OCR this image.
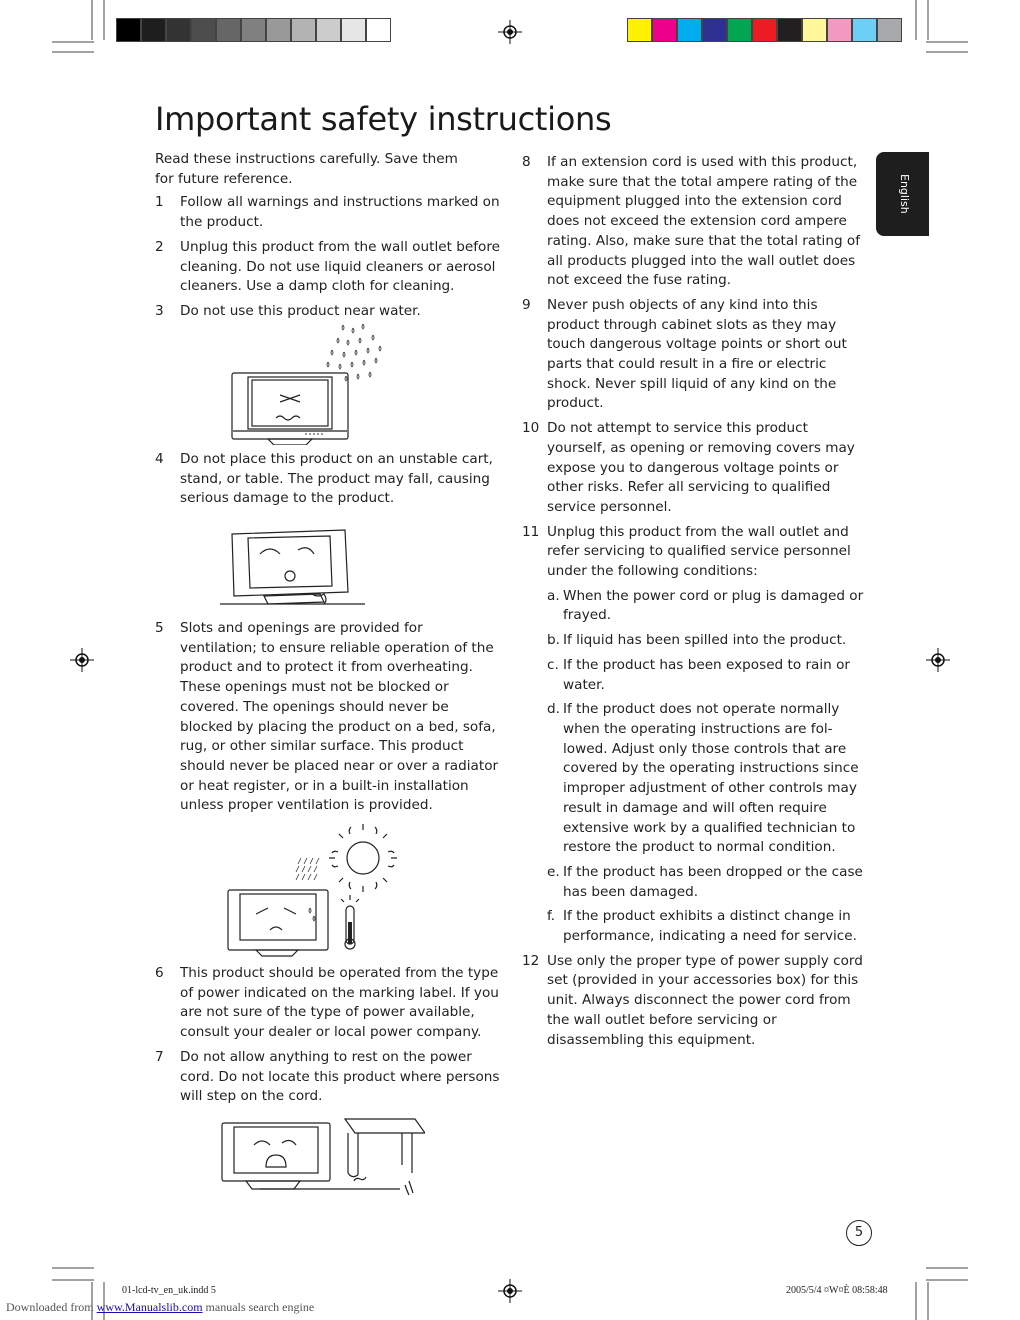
Important safety instructions
English

Read these instructions carefully. Save them for future reference.

1 Follow all warnings and instructions marked on the product.
2 Unplug this product from the wall outlet before cleaning. Do not use liquid cleaners or aerosol cleaners. Use a damp cloth for cleaning.
3 Do not use this product near water.
4 Do not place this product on an unstable cart, stand, or table. The product may fall, causing serious damage to the product.
5 Slots and openings are provided for ventilation; to ensure reliable operation of the product and to protect it from overheating. These openings must not be blocked or covered. The openings should never be blocked by placing the product on a bed, sofa, rug, or other similar surface. This product should never be placed near or over a radiator or heat register, or in a built-in installation unless proper ventilation is provided.
6 This product should be operated from the type of power indicated on the marking label. If you are not sure of the type of power available, consult your dealer or local power company.
7 Do not allow anything to rest on the power cord. Do not locate this product where persons will step on the cord.
8 If an extension cord is used with this product, make sure that the total ampere rating of the equipment plugged into the extension cord does not exceed the extension cord ampere rating. Also, make sure that the total rating of all products plugged into the wall outlet does not exceed the fuse rating.
9 Never push objects of any kind into this product through cabinet slots as they may touch dangerous voltage points or short out parts that could result in a fire or electric shock. Never spill liquid of any kind on the product.
10 Do not attempt to service this product yourself, as opening or removing covers may expose you to dangerous voltage points or other risks. Refer all servicing to qualified service personnel.
11 Unplug this product from the wall outlet and refer servicing to qualified service personnel under the following conditions:
a. When the power cord or plug is damaged or frayed.
b. If liquid has been spilled into the product.
c. If the product has been exposed to rain or water.
d. If the product does not operate normally when the operating instructions are fol-lowed. Adjust only those controls that are covered by the operating instructions since improper adjustment of other controls may result in damage and will often require extensive work by a qualified technician to restore the product to normal condition.
e. If the product has been dropped or the case has been damaged.
f. If the product exhibits a distinct change in performance, indicating a need for service.
12 Use only the proper type of power supply cord set (provided in your accessories box) for this unit. Always disconnect the power cord from the wall outlet before servicing or disassembling this equipment.
5
01-lcd-tv_en_uk.indd 5	2005/5/4 ¤W¤È 08:58:48
Downloaded from www.Manualslib.com manuals search engine
